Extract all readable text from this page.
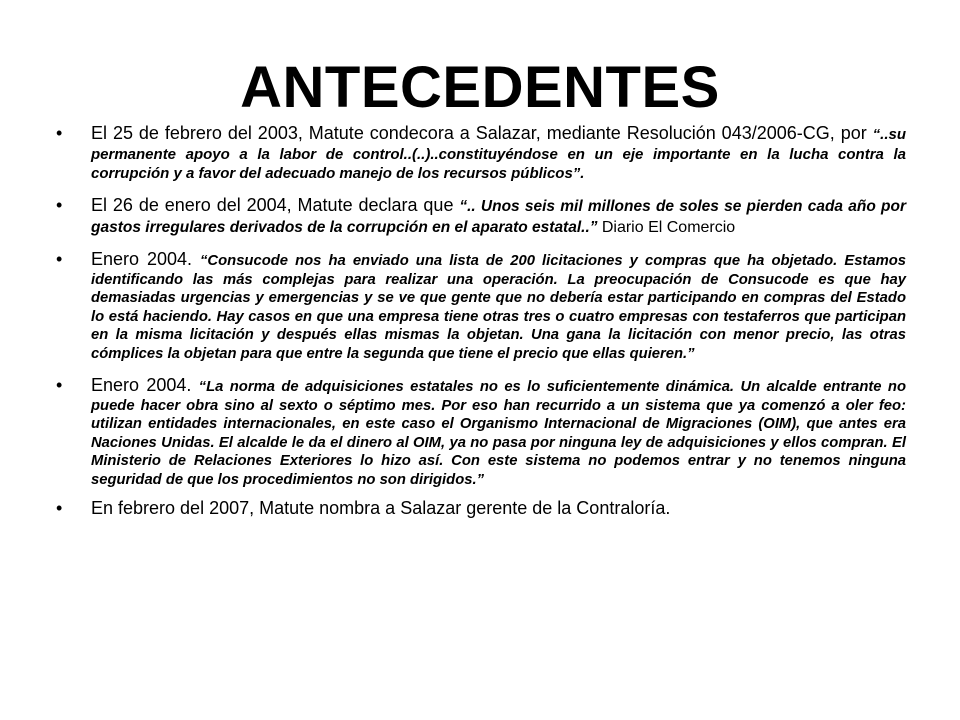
ANTECEDENTES
• El 25 de febrero del 2003, Matute condecora a Salazar, mediante Resolución 043/2006-CG, por “..su permanente apoyo a la labor de control..(..)..constituyéndose en un eje importante en la lucha contra la corrupción y a favor del adecuado manejo de los recursos públicos”.
• El 26 de enero del 2004, Matute declara que “.. Unos seis mil millones de soles se pierden cada año por gastos irregulares derivados de la corrupción en el aparato estatal..” Diario El Comercio
• Enero 2004. “Consucode nos ha enviado una lista de 200 licitaciones y compras que ha objetado. Estamos identificando las más complejas para realizar una operación. La preocupación de Consucode es que hay demasiadas urgencias y emergencias y se ve que gente que no debería estar participando en compras del Estado lo está haciendo. Hay casos en que una empresa tiene otras tres o cuatro empresas con testaferros que participan en la misma licitación y después ellas mismas la objetan. Una gana la licitación con menor precio, las otras cómplices la objetan para que entre la segunda que tiene el precio que ellas quieren.”
• Enero 2004. “La norma de adquisiciones estatales no es lo suficientemente dinámica. Un alcalde entrante no puede hacer obra sino al sexto o séptimo mes. Por eso han recurrido a un sistema que ya comenzó a oler feo: utilizan entidades internacionales, en este caso el Organismo Internacional de Migraciones (OIM), que antes era Naciones Unidas. El alcalde le da el dinero al OIM, ya no pasa por ninguna ley de adquisiciones y ellos compran. El Ministerio de Relaciones Exteriores lo hizo así. Con este sistema no podemos entrar y no tenemos ninguna seguridad de que los procedimientos no son dirigidos.”
• En febrero del 2007, Matute nombra a Salazar gerente de la Contraloría.
